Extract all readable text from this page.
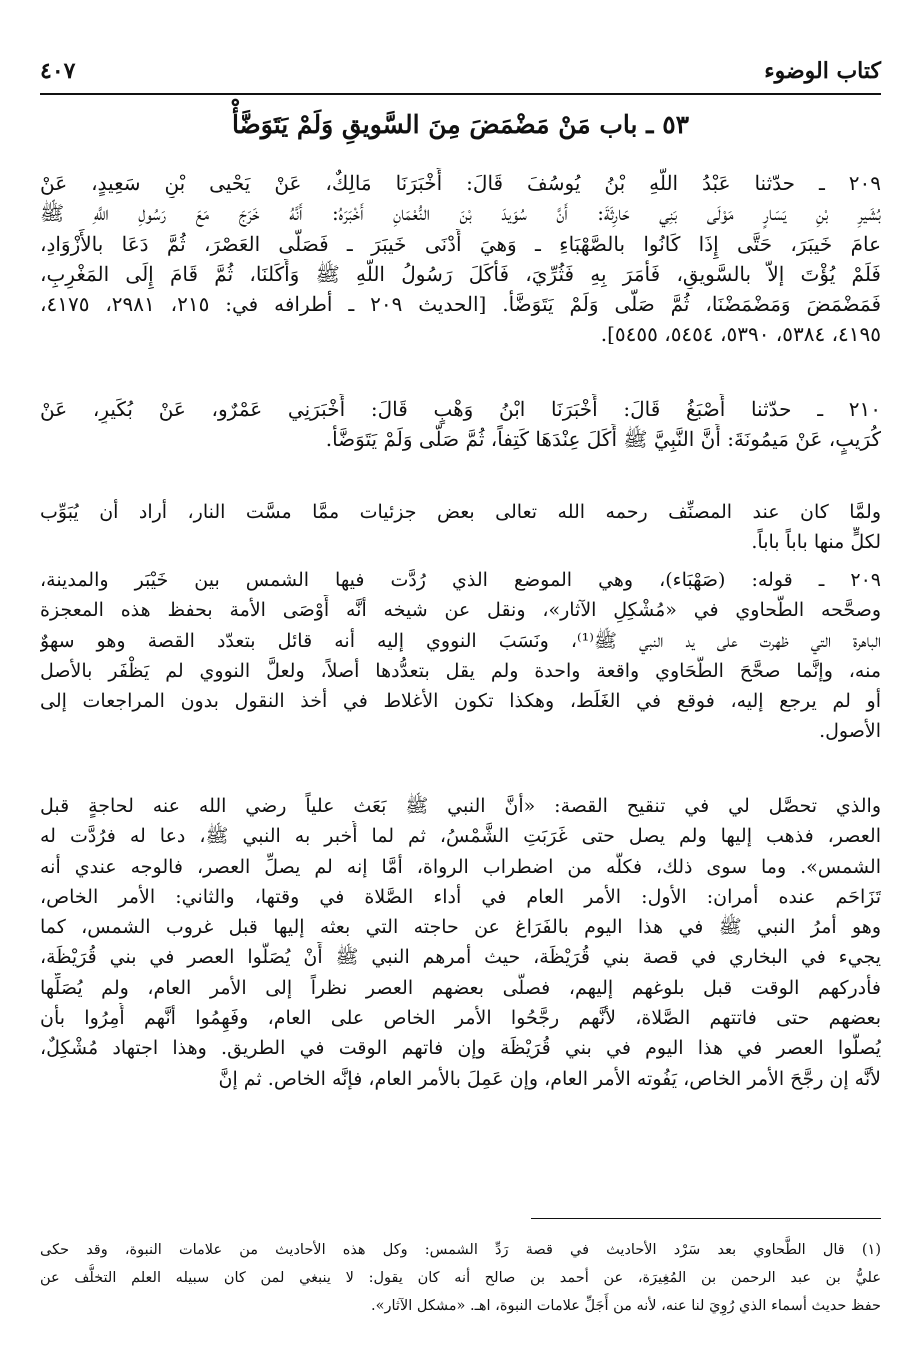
كتاب الوضوء
٤٠٧
٥٣ ـ باب مَنْ مَضْمَضَ مِنَ السَّويقِ وَلَمْ يَتَوَضَّأْ
٢٠٩ ـ حدّثنا عَبْدُ اللَّهِ بْنُ يُوسُفَ قَالَ: أَخْبَرَنَا مَالِكٌ، عَنْ يَحْيى بْنِ سَعِيدٍ، عَنْ
بُشَيرِ بْنِ يَسَارٍ مَوْلَى بَنِي حَارِثَةَ: أَنَّ سُوَيدَ بْنَ النُّعْمَانِ أَخْبَرَهُ: أَنَّهُ خَرَجَ مَعَ رَسُولِ اللَّهِ ﷺ
عامَ خَيبَرَ، حَتَّى إِذَا كَانُوا بالصَّهْبَاءِ ـ وَهيَ أَدْنَى خَيبَرَ ـ فَصَلَّى العَصْرَ، ثُمَّ دَعَا بالأَزْوَادِ،
فَلَمْ يُؤْتَ إلاّ بالسَّويقِ، فَأَمَرَ بِهِ فَثُرِّيَ، فَأَكَلَ رَسُولُ اللَّهِ ﷺ وَأَكَلنَا، ثُمَّ قَامَ إِلَى المَغْرِبِ،
فَمَضْمَضَ وَمَضْمَضْنَا، ثُمَّ صَلَّى وَلَمْ يَتَوَضَّأْ. [الحديث ٢٠٩ ـ أطرافه في: ٢١٥، ٢٩٨١، ٤١٧٥،
٤١٩٥، ٥٣٨٤، ٥٣٩٠، ٥٤٥٤، ٥٤٥٥].
٢١٠ ـ حدّثنا أَصْبَغُ قَالَ: أَخْبَرَنَا ابْنُ وَهْبٍ قَالَ: أَخْبَرَنِي عَمْرٌو، عَنْ بُكَيرٍ، عَنْ
كُرَيبٍ، عَنْ مَيمُونَةَ: أَنَّ النَّبِيَّ ﷺ أَكَلَ عِنْدَهَا كَتِفاً، ثُمَّ صَلَّى وَلَمْ يَتَوَضَّأْ.
ولمَّا كان عند المصنِّف رحمه الله تعالى بعض جزئيات ممَّا مسَّت النار، أراد أن يُبَوِّب
لكلٍّ منها باباً باباً.
٢٠٩ ـ قوله: (صَهْبَاء)، وهي الموضع الذي رُدَّت فيها الشمس بين خَيْبَر والمدينة،
وصحَّحه الطَّحاوي في «مُشْكِلِ الآثار»، ونقل عن شيخه أنَّه أَوْصَى الأمة بحفظ هذه المعجزة
الباهرة التي ظهرت على يد النبي ﷺ⁽¹⁾، ونَسَبَ النووي إليه أنه قائل بتعدّد القصة وهو سهوٌ
منه، وإنَّما صحَّحَ الطَّحَاوي واقعة واحدة ولم يقل بتعدُّدها أصلاً، ولعلَّ النووي لم يَظْفَر بالأصل
أو لم يرجع إليه، فوقع في الغَلَط، وهكذا تكون الأغلاط في أخذ النقول بدون المراجعات إلى
الأصول.
والذي تحصَّل لي في تنقيح القصة: «أنَّ النبي ﷺ بَعَث علياً رضي الله عنه لحاجةٍ قبل
العصر، فذهب إليها ولم يصل حتى غَرَبَتِ الشَّمْسُ، ثم لما أُخبر به النبي ﷺ، دعا له فرُدَّت له
الشمس». وما سوى ذلك، فكلُّه من اضطراب الرواة، أمَّا إنه لم يصلِّ العصر، فالوجه عندي أنه
تَزَاحَم عنده أمران: الأول: الأمر العام في أداء الصَّلاة في وقتها، والثاني: الأمر الخاص،
وهو أمرُ النبي ﷺ في هذا اليوم بالفَرَاغ عن حاجته التي بعثه إليها قبل غروب الشمس، كما
يجيء في البخاري في قصة بني قُرَيْظَة، حيث أمرهم النبي ﷺ أَنْ يُصَلُّوا العصر في بني قُرَيْظَة،
فأدركهم الوقت قبل بلوغهم إليهم، فصلَّى بعضهم العصر نظراً إلى الأمر العام، ولم يُصَلِّها
بعضهم حتى فاتتهم الصَّلاة، لأنَّهم رجَّحُوا الأمر الخاص على العام، وفَهِمُوا أنَّهم أُمِرُوا بأن
يُصلُّوا العصر في هذا اليوم في بني قُرَيْظَة وإن فاتهم الوقت في الطريق. وهذا اجتهاد مُشْكِلٌ،
لأنَّه إن رجَّحَ الأمر الخاص، يَفُوته الأمر العام، وإن عَمِلَ بالأمر العام، فإنَّه الخاص. ثم إنَّ
(١) قال الطَّحاوي بعد سَرْد الأحاديث في قصة رَدِّ الشمس: وكل هذه الأحاديث من علامات النبوة، وقد حكى
عليُّ بن عبد الرحمن بن المُغِيرَة، عن أحمد بن صالح أنه كان يقول: لا ينبغي لمن كان سبيله العلم التخلُّف عن
حفظ حديث أسماء الذي رُوِيَ لنا عنه، لأنه من أَجَلِّ علامات النبوة، اهـ. «مشكل الآثار».
